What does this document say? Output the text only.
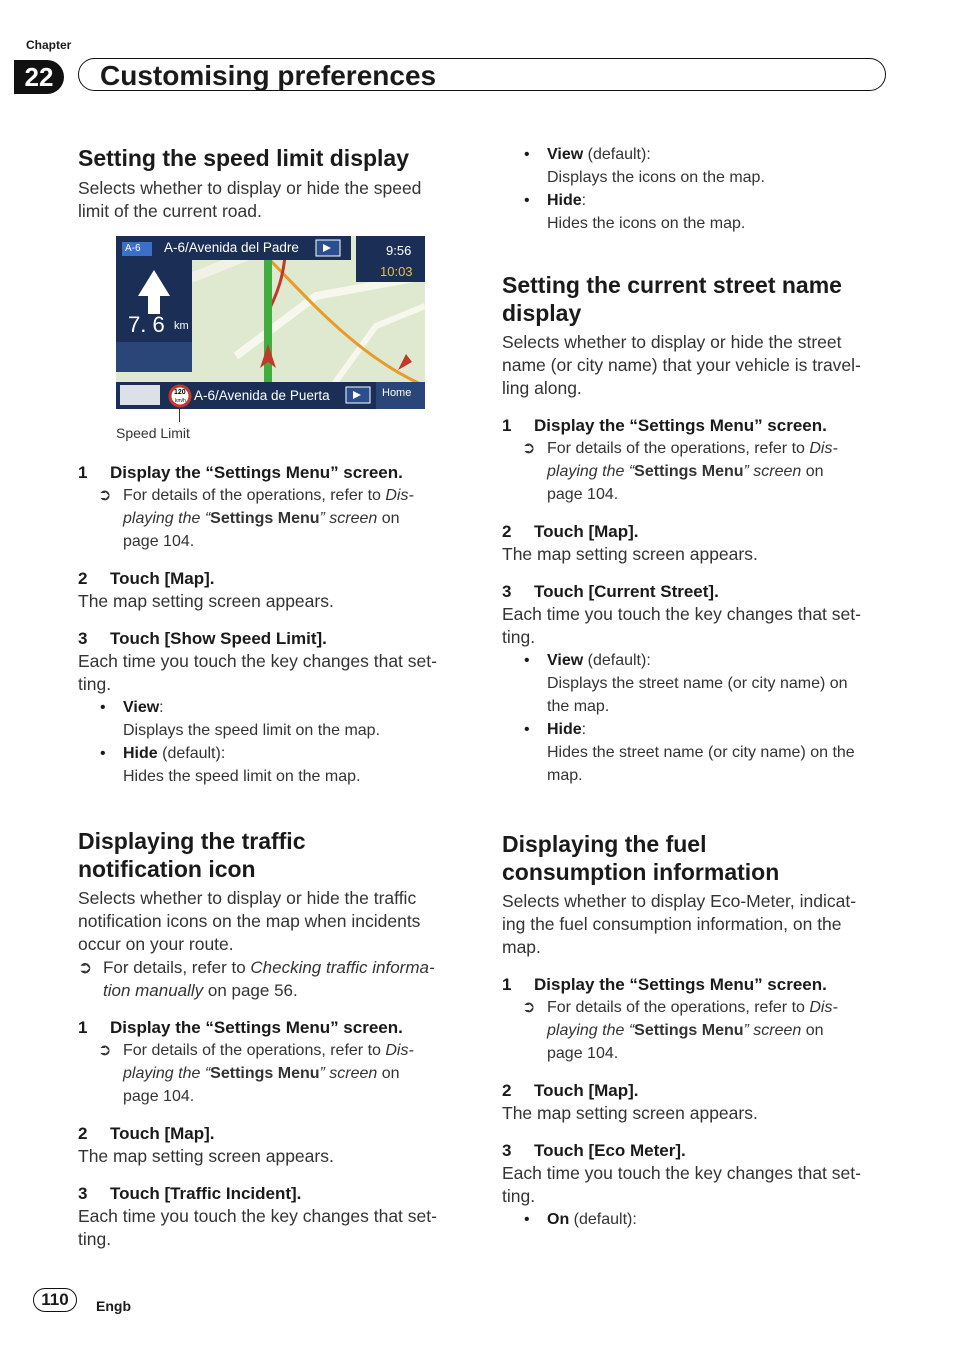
Chapter
22	Customising preferences
Setting the speed limit display

Selects whether to display or hide the speed

limit of the current road.

A-6 A-6/Avenida del Padre	9:56
10:03
7. 6 km
A-6/Avenida de Puerta	Home
120
km/h
Speed Limit
1 Display the “Settings Menu” screen.
➲ For details of the operations, refer to Dis-
playing the “Settings Menu” screen on
page 104.
2 Touch [Map].

The map setting screen appears.

3 Touch [Show Speed Limit].

Each time you touch the key changes that set-

ting.

• View:
Displays the speed limit on the map.
• Hide (default):
Hides the speed limit on the map.
Displaying the traffic
notification icon

Selects whether to display or hide the traffic

notification icons on the map when incidents

occur on your route.

➲ For details, refer to Checking traffic informa-
tion manually on page 56.
1 Display the “Settings Menu” screen.
➲ For details of the operations, refer to Dis-
playing the “Settings Menu” screen on
page 104.
2 Touch [Map].

The map setting screen appears.

3 Touch [Traffic Incident].

Each time you touch the key changes that set-

ting.

• View (default):
Displays the icons on the map.
• Hide:
Hides the icons on the map.
Setting the current street name
display

Selects whether to display or hide the street

name (or city name) that your vehicle is travel-

ling along.

1 Display the “Settings Menu” screen.
➲ For details of the operations, refer to Dis-
playing the “Settings Menu” screen on
page 104.
2 Touch [Map].

The map setting screen appears.

3 Touch [Current Street].

Each time you touch the key changes that set-

ting.

• View (default):
Displays the street name (or city name) on
the map.
• Hide:
Hides the street name (or city name) on the
map.
Displaying the fuel
consumption information

Selects whether to display Eco-Meter, indicat-

ing the fuel consumption information, on the

map.

1 Display the “Settings Menu” screen.
➲ For details of the operations, refer to Dis-
playing the “Settings Menu” screen on
page 104.
2 Touch [Map].

The map setting screen appears.

3 Touch [Eco Meter].

Each time you touch the key changes that set-

ting.

• On (default):
110	Engb
